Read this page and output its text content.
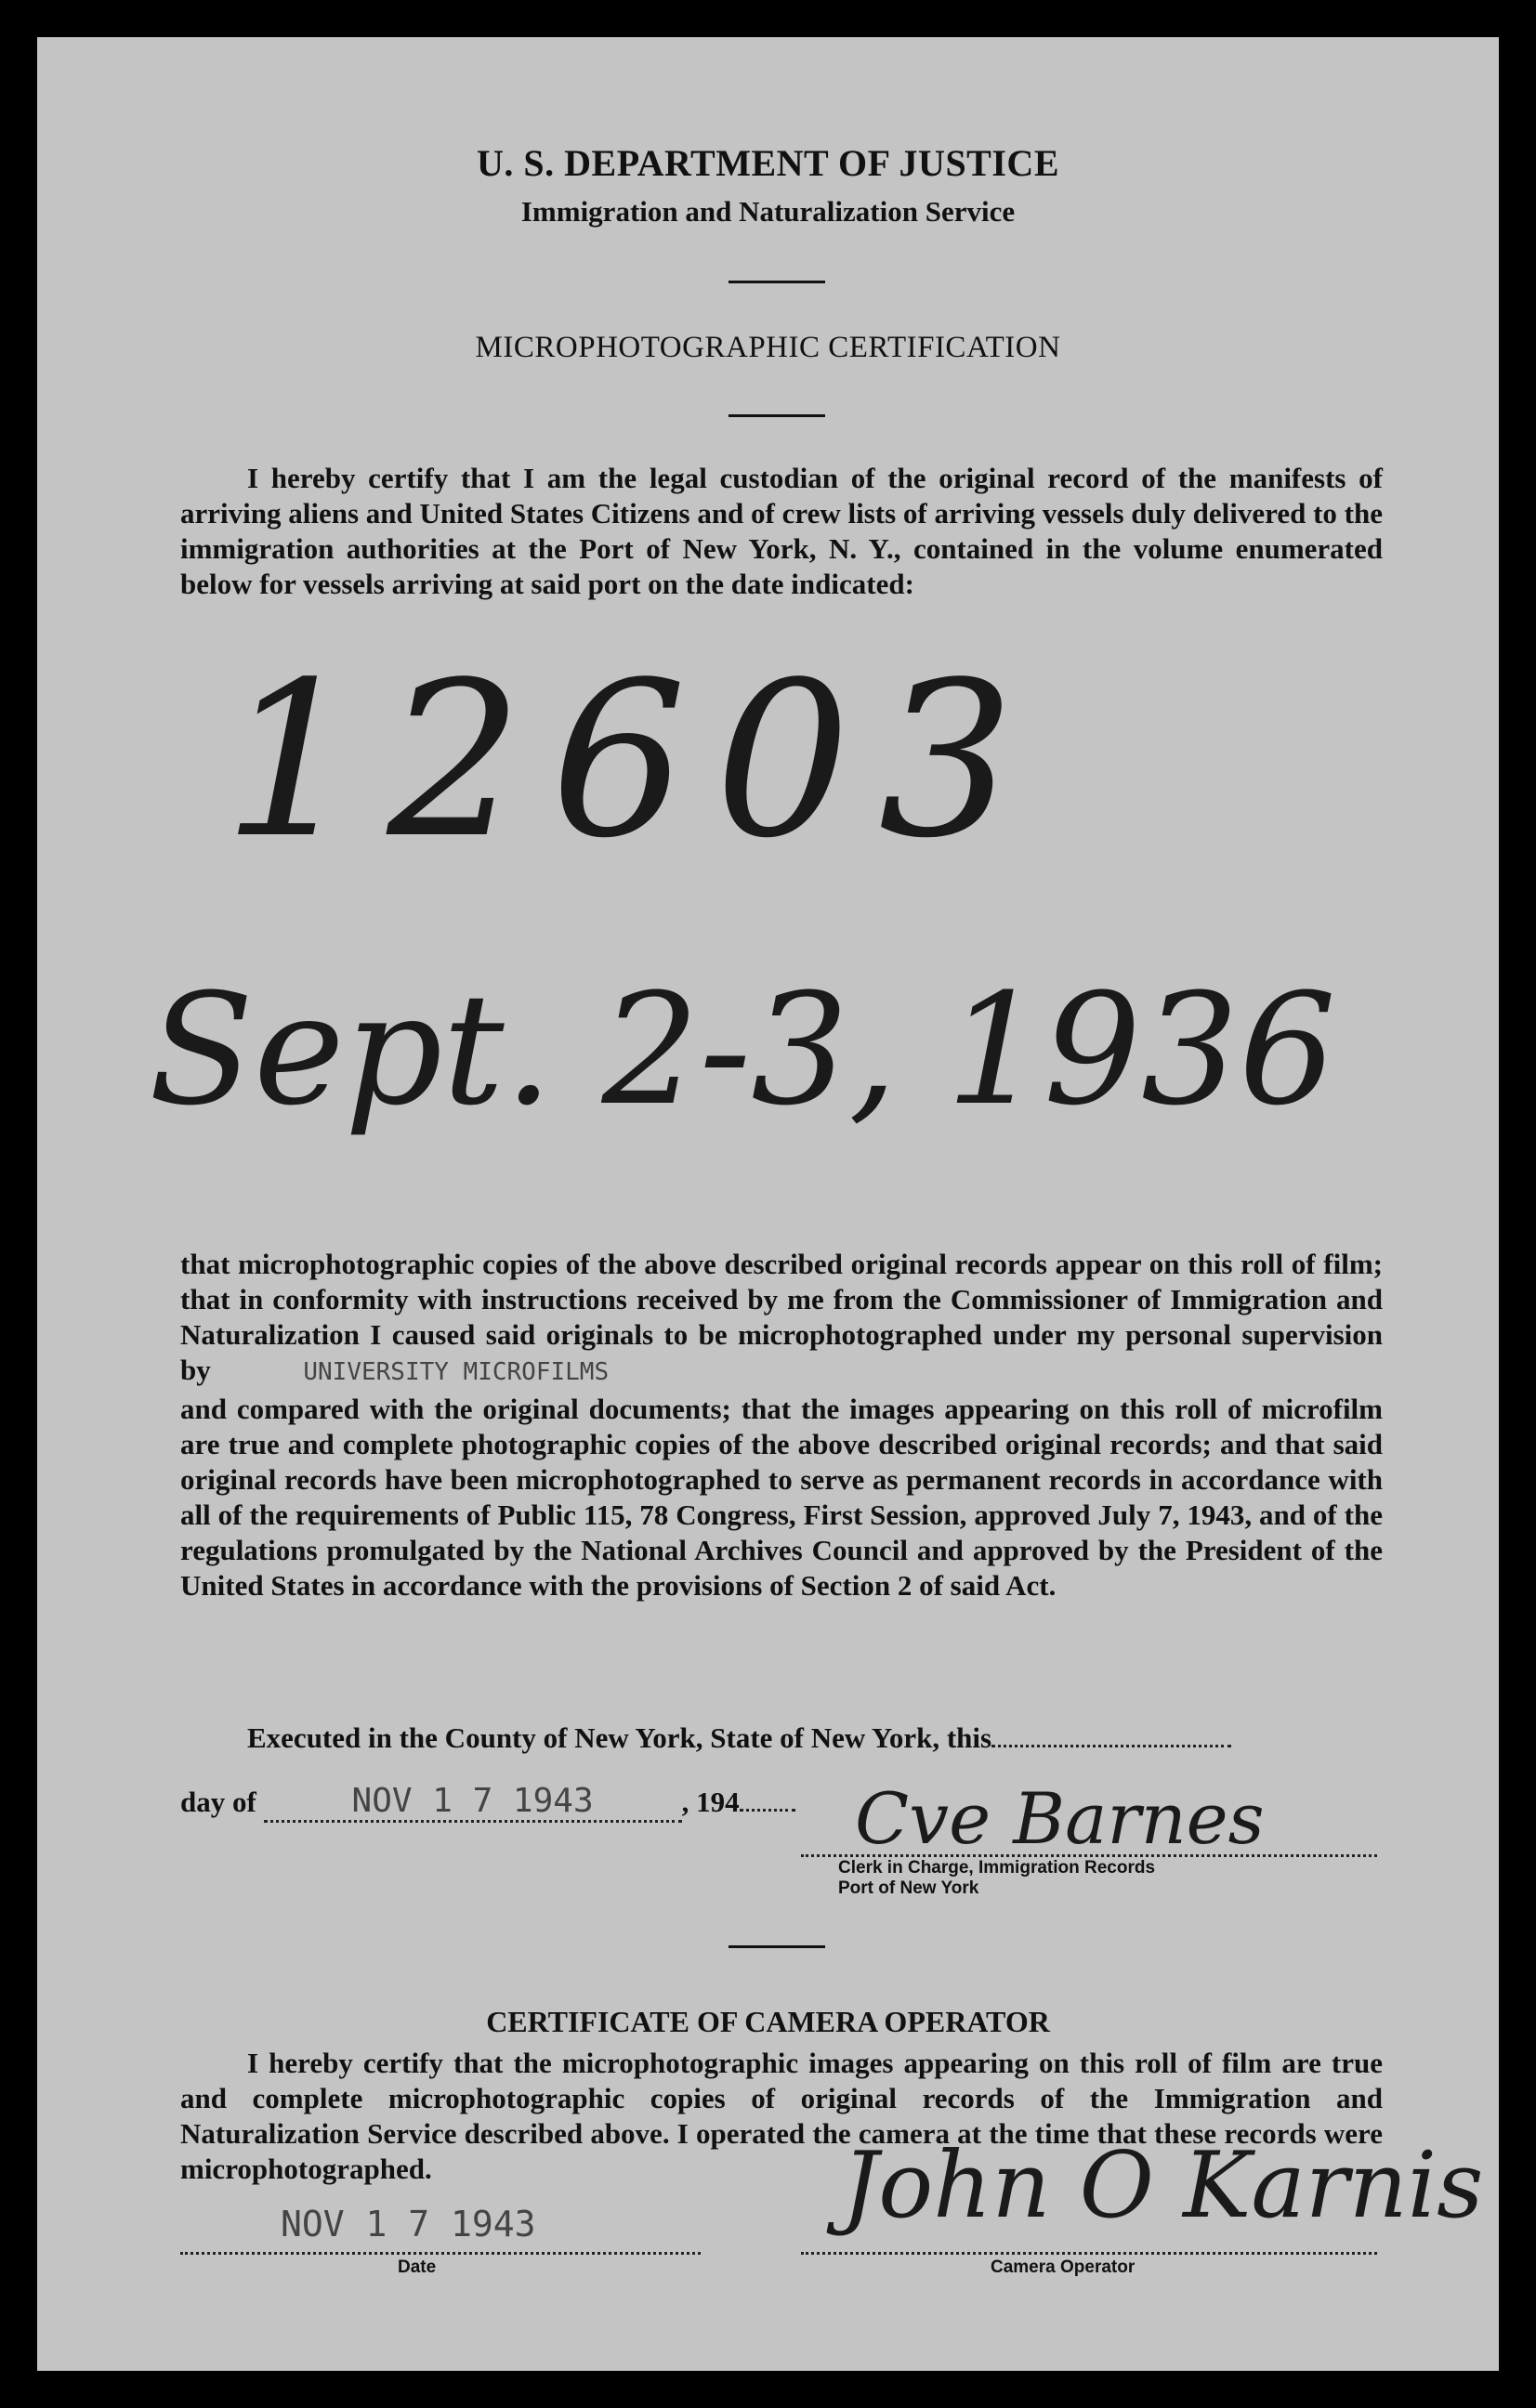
U. S. DEPARTMENT OF JUSTICE
Immigration and Naturalization Service
MICROPHOTOGRAPHIC CERTIFICATION
I hereby certify that I am the legal custodian of the original record of the manifests of arriving aliens and United States Citizens and of crew lists of arriving vessels duly delivered to the immigration authorities at the Port of New York, N. Y., contained in the volume enumerated below for vessels arriving at said port on the date indicated:
12603
Sept. 2-3, 1936
that microphotographic copies of the above described original records appear on this roll of film; that in conformity with instructions received by me from the Commissioner of Immigration and Naturalization I caused said originals to be microphotographed under my personal supervision by	UNIVERSITY MICROFILMS
and compared with the original documents; that the images appearing on this roll of microfilm are true and complete photographic copies of the above described original records; and that said original records have been microphotographed to serve as permanent records in accordance with all of the requirements of Public 115, 78 Congress, First Session, approved July 7, 1943, and of the regulations promulgated by the National Archives Council and approved by the President of the United States in accordance with the provisions of Section 2 of said Act.
Executed in the County of New York, State of New York, this
day of	NOV 1 7 1943	, 194	Cve Barnes
Clerk in Charge, Immigration Records
Port of New York
CERTIFICATE OF CAMERA OPERATOR
I hereby certify that the microphotographic images appearing on this roll of film are true and complete microphotographic copies of original records of the Immigration and Naturalization Service described above. I operated the camera at the time that these records were microphotographed.
NOV 1 7 1943
Date
John O Karnis
Camera Operator
